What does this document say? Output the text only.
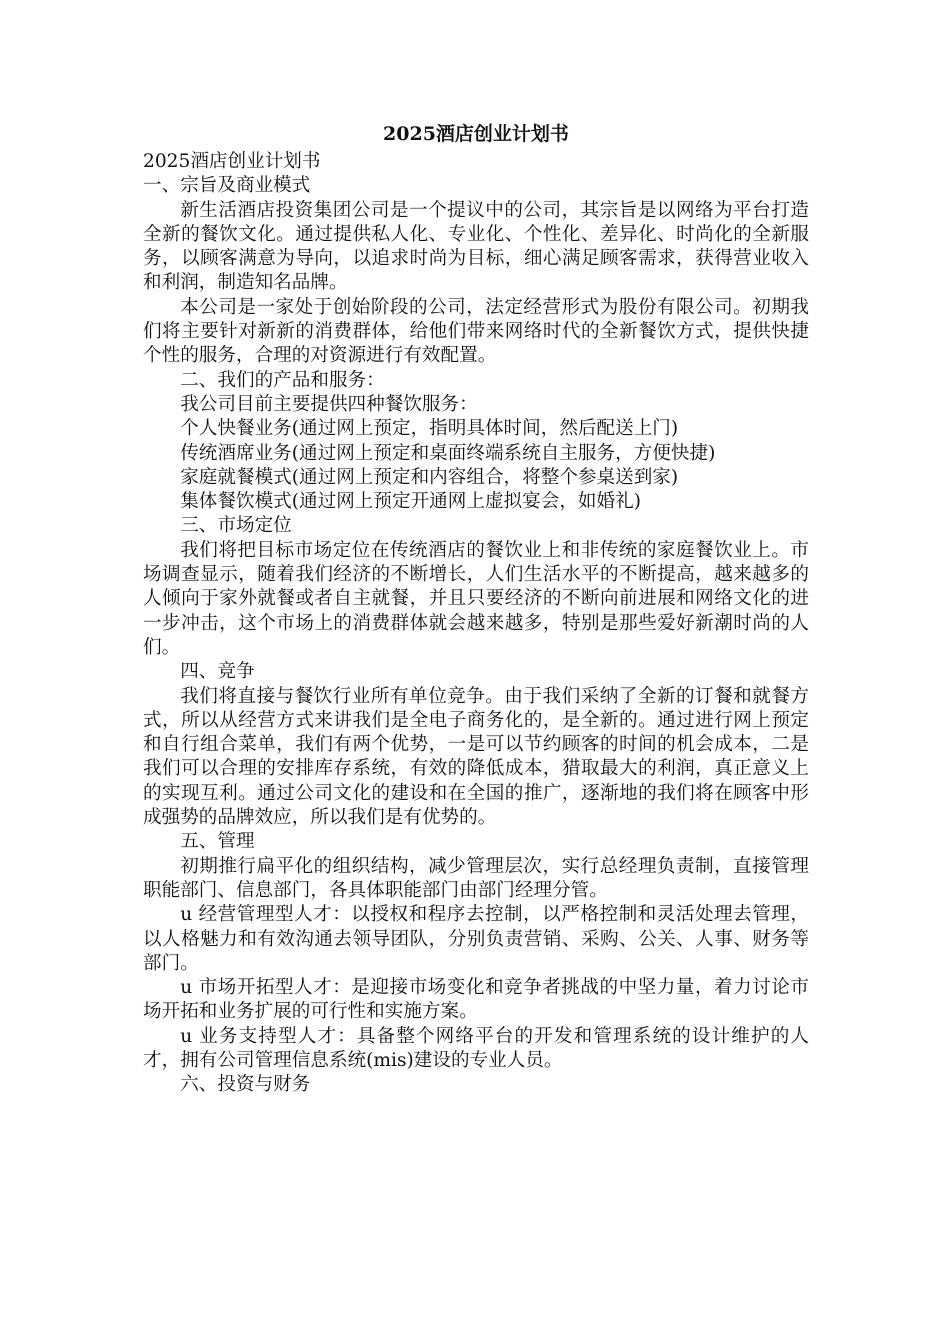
2025酒店创业计划书

2025酒店创业计划书

一、宗旨及商业模式

新生活酒店投资集团公司是一个提议中的公司，其宗旨是以网络为平台打造全新的餐饮文化。通过提供私人化、专业化、个性化、差异化、时尚化的全新服务，以顾客满意为导向，以追求时尚为目标，细心满足顾客需求，获得营业收入和利润，制造知名品牌。

本公司是一家处于创始阶段的公司，法定经营形式为股份有限公司。初期我们将主要针对新新的消费群体，给他们带来网络时代的全新餐饮方式，提供快捷个性的服务，合理的对资源进行有效配置。

二、我们的产品和服务：

我公司目前主要提供四种餐饮服务：

个人快餐业务(通过网上预定，指明具体时间，然后配送上门)

传统酒席业务(通过网上预定和桌面终端系统自主服务，方便快捷)

家庭就餐模式(通过网上预定和内容组合，将整个参桌送到家)

集体餐饮模式(通过网上预定开通网上虚拟宴会，如婚礼)

三、市场定位

我们将把目标市场定位在传统酒店的餐饮业上和非传统的家庭餐饮业上。市场调查显示，随着我们经济的不断增长，人们生活水平的不断提高，越来越多的人倾向于家外就餐或者自主就餐，并且只要经济的不断向前进展和网络文化的进一步冲击，这个市场上的消费群体就会越来越多，特别是那些爱好新潮时尚的人们。

四、竞争

我们将直接与餐饮行业所有单位竞争。由于我们采纳了全新的订餐和就餐方式，所以从经营方式来讲我们是全电子商务化的，是全新的。通过进行网上预定和自行组合菜单，我们有两个优势，一是可以节约顾客的时间的机会成本，二是我们可以合理的安排库存系统，有效的降低成本，猎取最大的利润，真正意义上的实现互利。通过公司文化的建设和在全国的推广，逐渐地的我们将在顾客中形成强势的品牌效应，所以我们是有优势的。

五、管理

初期推行扁平化的组织结构，减少管理层次，实行总经理负责制，直接管理职能部门、信息部门，各具体职能部门由部门经理分管。

u 经营管理型人才：以授权和程序去控制，以严格控制和灵活处理去管理，以人格魅力和有效沟通去领导团队，分别负责营销、采购、公关、人事、财务等部门。

u 市场开拓型人才：是迎接市场变化和竞争者挑战的中坚力量，着力讨论市场开拓和业务扩展的可行性和实施方案。

u 业务支持型人才：具备整个网络平台的开发和管理系统的设计维护的人才，拥有公司管理信息系统(mis)建设的专业人员。

六、投资与财务
